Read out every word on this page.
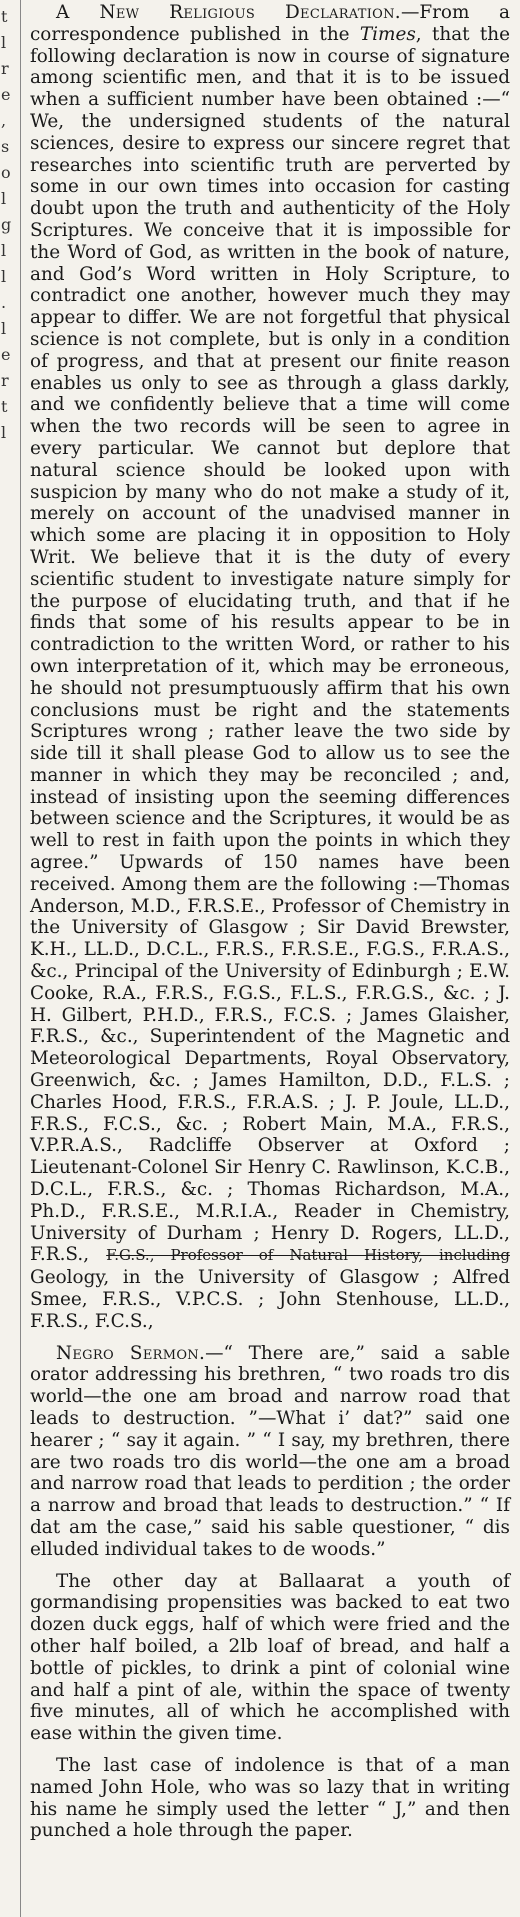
t
l
r
e
,
s
o
l
g
l
l
.
l
e
r
t
l

A New Religious Declaration.—From a correspondence published in the Times, that the following declaration is now in course of signature among scientific men, and that it is to be issued when a sufficient number have been obtained :—“ We, the undersigned students of the natural sciences, desire to express our sincere regret that researches into scientific truth are perverted by some in our own times into occasion for casting doubt upon the truth and authenticity of the Holy Scriptures. We conceive that it is impossible for the Word of God, as written in the book of nature, and God’s Word written in Holy Scripture, to contradict one another, however much they may appear to differ. We are not forgetful that physical science is not complete, but is only in a condition of progress, and that at present our finite reason enables us only to see as through a glass darkly, and we confidently believe that a time will come when the two records will be seen to agree in every particular. We cannot but deplore that natural science should be looked upon with suspicion by many who do not make a study of it, merely on account of the unadvised manner in which some are placing it in opposition to Holy Writ. We believe that it is the duty of every scientific student to investigate nature simply for the purpose of elucidating truth, and that if he finds that some of his results appear to be in contradiction to the written Word, or rather to his own interpretation of it, which may be erroneous, he should not presumptuously affirm that his own conclusions must be right and the statements Scriptures wrong ; rather leave the two side by side till it shall please God to allow us to see the manner in which they may be reconciled ; and, instead of insisting upon the seeming differences between science and the Scriptures, it would be as well to rest in faith upon the points in which they agree.” Upwards of 150 names have been received. Among them are the following :—Thomas Anderson, M.D., F.R.S.E., Professor of Chemistry in the University of Glasgow ; Sir David Brewster, K.H., LL.D., D.C.L., F.R.S., F.R.S.E., F.G.S., F.R.A.S., &c., Principal of the University of Edinburgh ; E.W. Cooke, R.A., F.R.S., F.G.S., F.L.S., F.R.G.S., &c. ; J. H. Gilbert, P.H.D., F.R.S., F.C.S. ; James Glaisher, F.R.S., &c., Superintendent of the Magnetic and Meteorological Departments, Royal Observatory, Greenwich, &c. ; James Hamilton, D.D., F.L.S. ; Charles Hood, F.R.S., F.R.A.S. ; J. P. Joule, LL.D., F.R.S., F.C.S., &c. ; Robert Main, M.A., F.R.S., V.P.R.A.S., Radcliffe Observer at Oxford ; Lieutenant-Colonel Sir Henry C. Rawlinson, K.C.B., D.C.L., F.R.S., &c. ; Thomas Richardson, M.A., Ph.D., F.R.S.E., M.R.I.A., Reader in Chemistry, University of Durham ; Henry D. Rogers, LL.D., F.R.S., F.G.S., Professor of Natural History, including Geology, in the University of Glasgow ; Alfred Smee, F.R.S., V.P.C.S. ; John Stenhouse, LL.D., F.R.S., F.C.S.,

Negro Sermon.—“ There are,” said a sable orator addressing his brethren, “ two roads tro dis world—the one am broad and narrow road that leads to destruction. ”—What i’ dat?” said one hearer ; “ say it again. ” “ I say, my brethren, there are two roads tro dis world—the one am a broad and narrow road that leads to perdition ; the order a narrow and broad that leads to destruction.” “ If dat am the case,” said his sable questioner, “ dis elluded individual takes to de woods.”

The other day at Ballaarat a youth of gormandising propensities was backed to eat two dozen duck eggs, half of which were fried and the other half boiled, a 2lb loaf of bread, and half a bottle of pickles, to drink a pint of colonial wine and half a pint of ale, within the space of twenty five minutes, all of which he accomplished with ease within the given time.

The last case of indolence is that of a man named John Hole, who was so lazy that in writing his name he simply used the letter “ J,” and then punched a hole through the paper.
